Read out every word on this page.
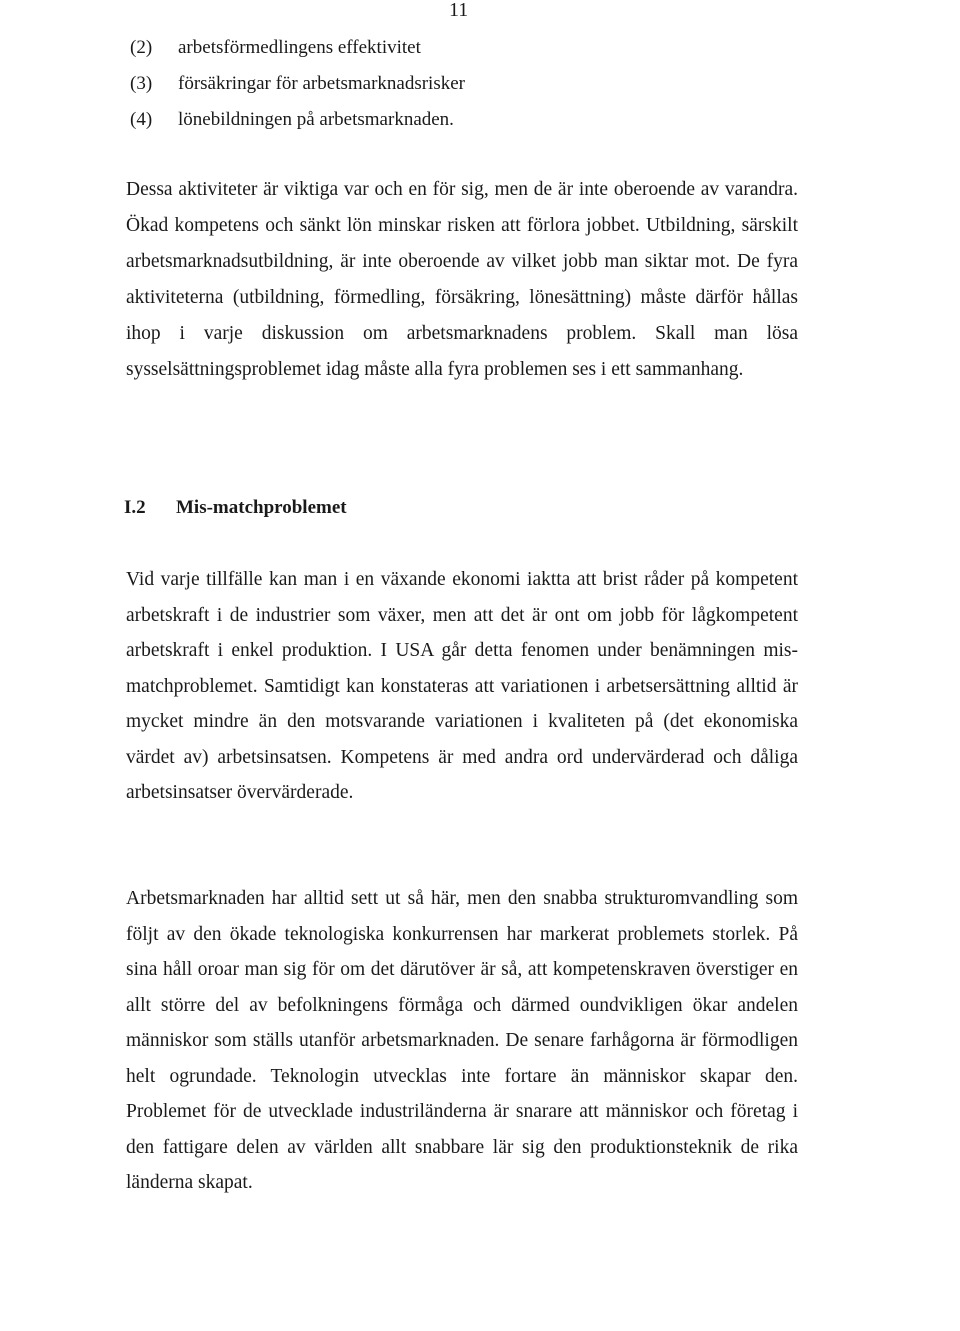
11
(2)	arbetsförmedlingens effektivitet
(3)	försäkringar för arbetsmarknadsrisker
(4)	lönebildningen på arbetsmarknaden.

Dessa aktiviteter är viktiga var och en för sig, men de är inte oberoende av varandra. Ökad kompetens och sänkt lön minskar risken att förlora jobbet. Utbildning, särskilt arbetsmarknadsutbildning, är inte oberoende av vilket jobb man siktar mot. De fyra aktiviteterna (utbildning, förmedling, försäkring, lönesättning) måste därför hållas ihop i varje diskussion om arbetsmarknadens problem. Skall man lösa sysselsättningsproblemet idag måste alla fyra problemen ses i ett sammanhang.

I.2	Mis-matchproblemet

Vid varje tillfälle kan man i en växande ekonomi iaktta att brist råder på kompetent arbetskraft i de industrier som växer, men att det är ont om jobb för lågkompetent arbetskraft i enkel produktion. I USA går detta fenomen under benämningen mis-matchproblemet. Samtidigt kan konstateras att variationen i arbetsersättning alltid är mycket mindre än den motsvarande variationen i kvaliteten på (det ekonomiska värdet av) arbetsinsatsen. Kompetens är med andra ord undervärderad och dåliga arbetsinsatser övervärderade.

Arbetsmarknaden har alltid sett ut så här, men den snabba strukturomvandling som följt av den ökade teknologiska konkurrensen har markerat problemets storlek. På sina håll oroar man sig för om det därutöver är så, att kompetenskraven överstiger en allt större del av befolkningens förmåga och därmed oundvikligen ökar andelen människor som ställs utanför arbetsmarknaden. De senare farhågorna är förmodligen helt ogrundade. Teknologin utvecklas inte fortare än människor skapar den. Problemet för de utvecklade industriländerna är snarare att människor och företag i den fattigare delen av världen allt snabbare lär sig den produktionsteknik de rika länderna skapat.
